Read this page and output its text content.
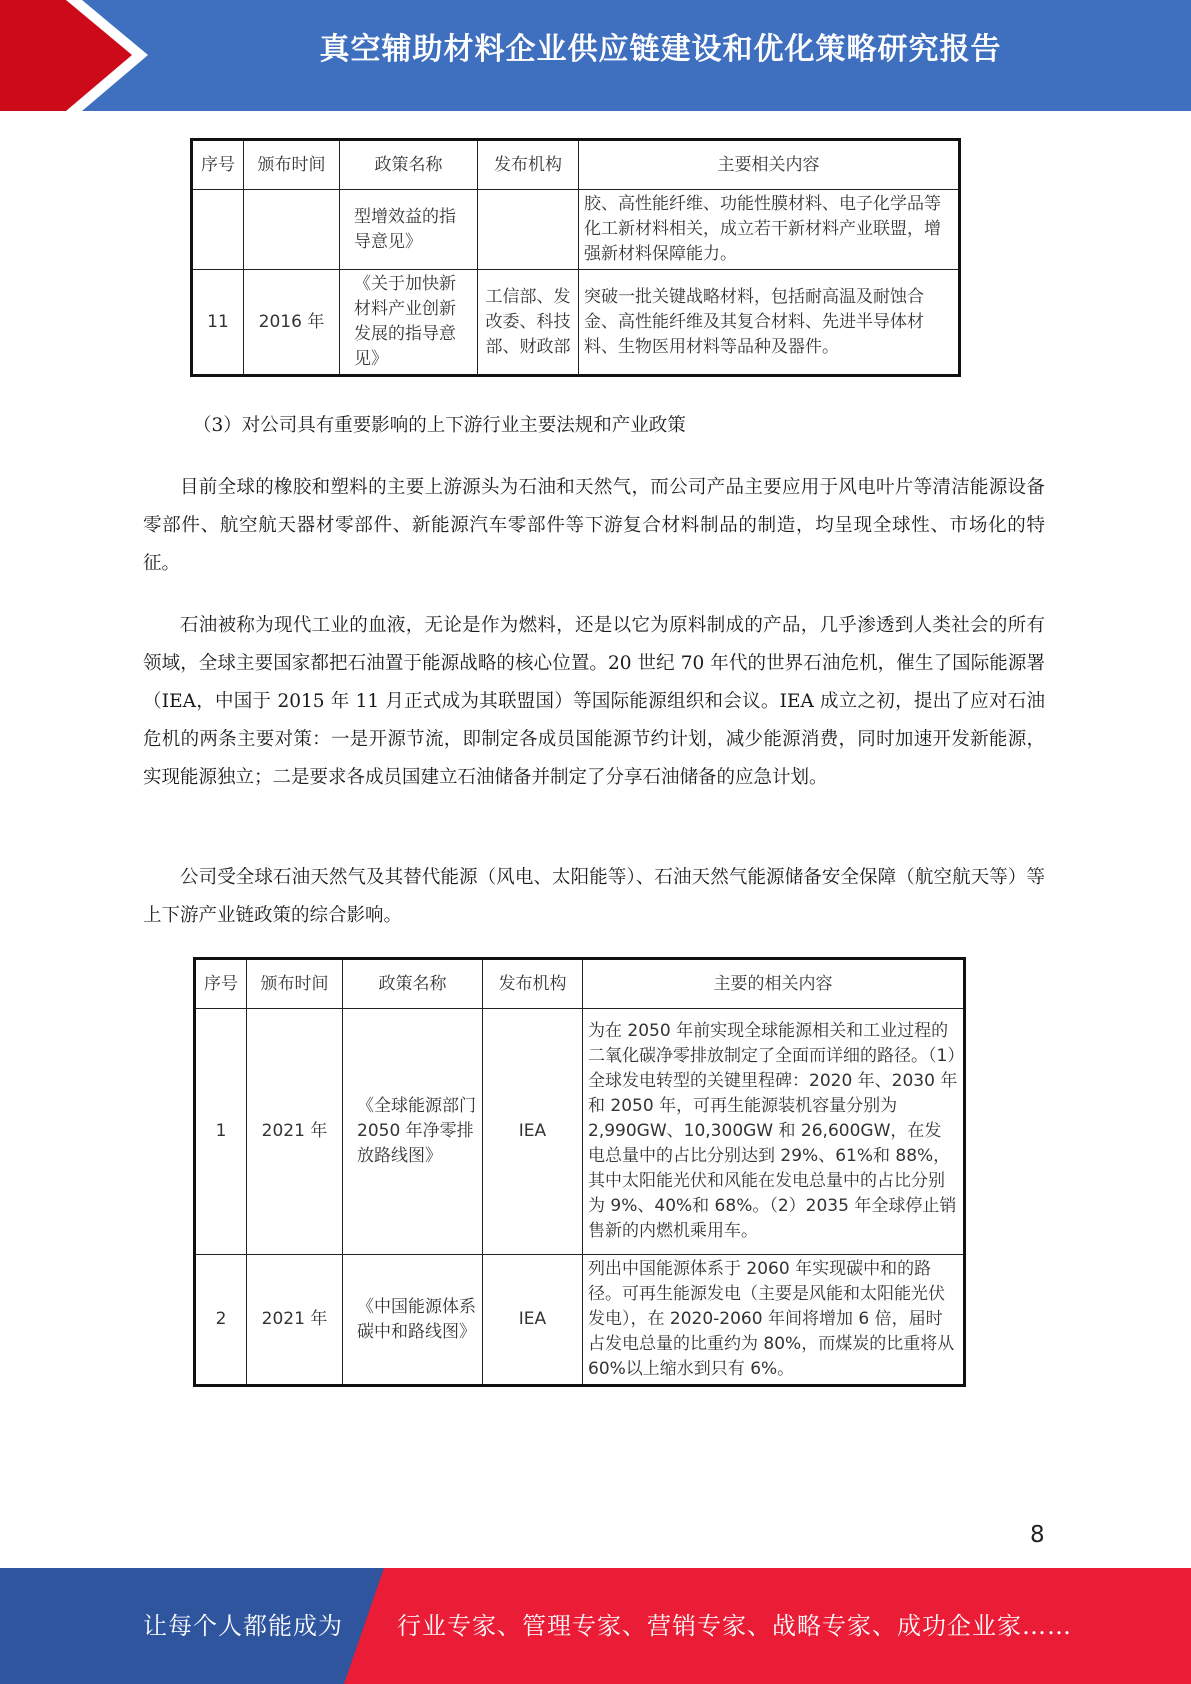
真空辅助材料企业供应链建设和优化策略研究报告
序号	颁布时间	政策名称	发布机构	主要相关内容
		型增效益的指导意见》		胶、高性能纤维、功能性膜材料、电子化学品等化工新材料相关，成立若干新材料产业联盟，增强新材料保障能力。
11	2016 年	《关于加快新材料产业创新发展的指导意见》	工信部、发改委、科技部、财政部	突破一批关键战略材料，包括耐高温及耐蚀合金、高性能纤维及其复合材料、先进半导体材料、生物医用材料等品种及器件。
（3）对公司具有重要影响的上下游行业主要法规和产业政策
目前全球的橡胶和塑料的主要上游源头为石油和天然气，而公司产品主要应用于风电叶片等清洁能源设备零部件、航空航天器材零部件、新能源汽车零部件等下游复合材料制品的制造，均呈现全球性、市场化的特征。
石油被称为现代工业的血液，无论是作为燃料，还是以它为原料制成的产品，几乎渗透到人类社会的所有领域，全球主要国家都把石油置于能源战略的核心位置。20 世纪 70 年代的世界石油危机，催生了国际能源署（IEA，中国于 2015 年 11 月正式成为其联盟国）等国际能源组织和会议。IEA 成立之初，提出了应对石油危机的两条主要对策：一是开源节流，即制定各成员国能源节约计划，减少能源消费，同时加速开发新能源，实现能源独立；二是要求各成员国建立石油储备并制定了分享石油储备的应急计划。
公司受全球石油天然气及其替代能源（风电、太阳能等）、石油天然气能源储备安全保障（航空航天等）等上下游产业链政策的综合影响。
序号	颁布时间	政策名称	发布机构	主要的相关内容
1	2021 年	《全球能源部门 2050 年净零排放路线图》	IEA	为在 2050 年前实现全球能源相关和工业过程的二氧化碳净零排放制定了全面而详细的路径。（1）全球发电转型的关键里程碑：2020 年、2030 年和 2050 年，可再生能源装机容量分别为 2,990GW、10,300GW 和 26,600GW，在发电总量中的占比分别达到 29%、61%和 88%，其中太阳能光伏和风能在发电总量中的占比分别为 9%、40%和 68%。（2）2035 年全球停止销售新的内燃机乘用车。
2	2021 年	《中国能源体系碳中和路线图》	IEA	列出中国能源体系于 2060 年实现碳中和的路径。可再生能源发电（主要是风能和太阳能光伏发电），在 2020-2060 年间将增加 6 倍，届时占发电总量的比重约为 80%，而煤炭的比重将从 60%以上缩水到只有 6%。
8
让每个人都能成为 行业专家、管理专家、营销专家、战略专家、成功企业家……
